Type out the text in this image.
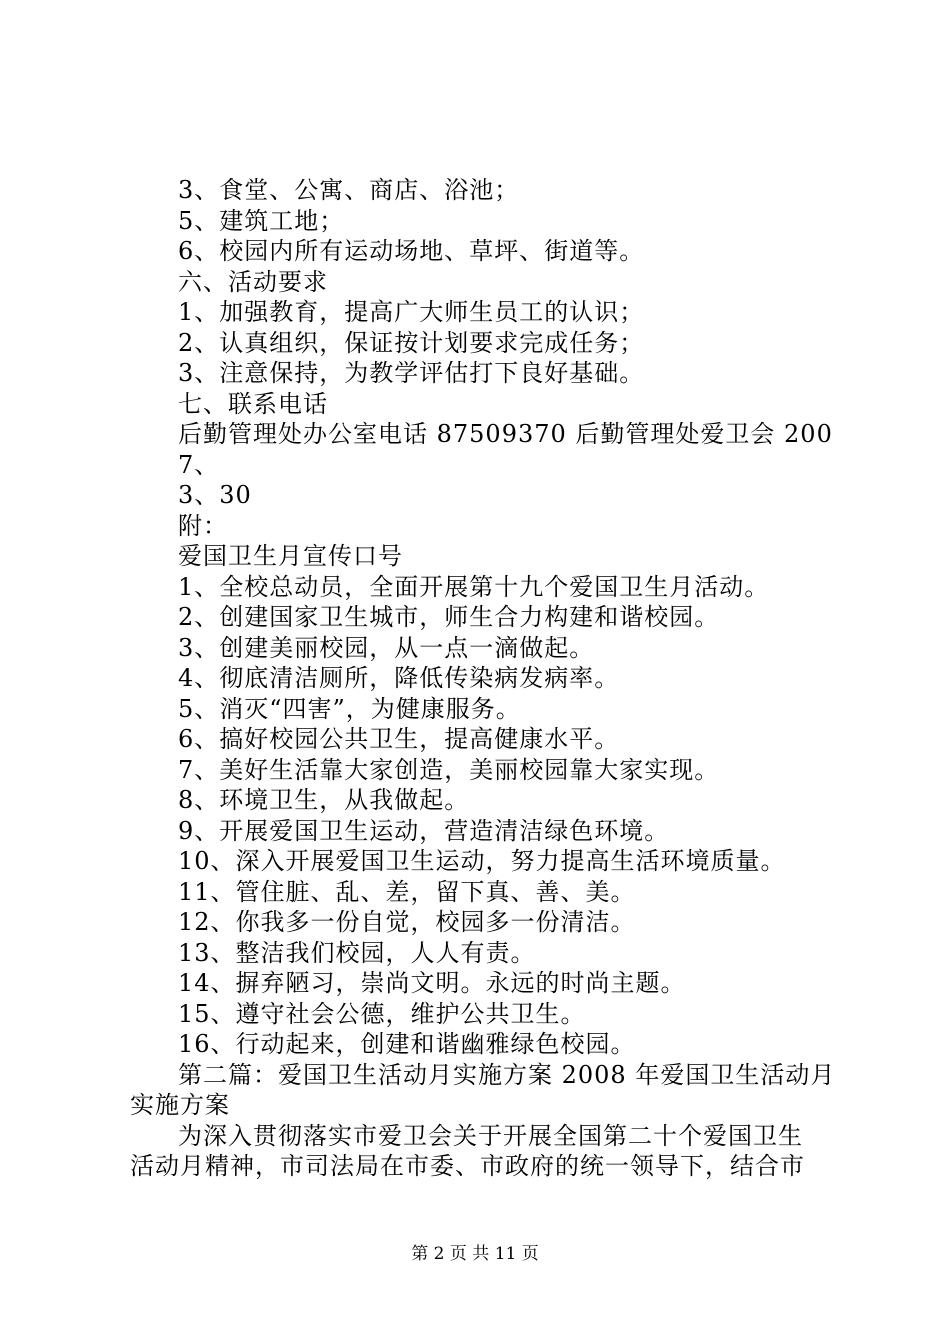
3、食堂、公寓、商店、浴池；
5、建筑工地；
6、校园内所有运动场地、草坪、街道等。
六、活动要求
1、加强教育，提高广大师生员工的认识；
2、认真组织，保证按计划要求完成任务；
3、注意保持，为教学评估打下良好基础。
七、联系电话
后勤管理处办公室电话 87509370 后勤管理处爱卫会 200
7、
3、30
附：
爱国卫生月宣传口号
1、全校总动员，全面开展第十九个爱国卫生月活动。
2、创建国家卫生城市，师生合力构建和谐校园。
3、创建美丽校园，从一点一滴做起。
4、彻底清洁厕所，降低传染病发病率。
5、消灭“四害”，为健康服务。
6、搞好校园公共卫生，提高健康水平。
7、美好生活靠大家创造，美丽校园靠大家实现。
8、环境卫生，从我做起。
9、开展爱国卫生运动，营造清洁绿色环境。
10、深入开展爱国卫生运动，努力提高生活环境质量。
11、管住脏、乱、差，留下真、善、美。
12、你我多一份自觉，校园多一份清洁。
13、整洁我们校园，人人有责。
14、摒弃陋习，崇尚文明。永远的时尚主题。
15、遵守社会公德，维护公共卫生。
16、行动起来，创建和谐幽雅绿色校园。
第二篇：爱国卫生活动月实施方案 2008 年爱国卫生活动月
实施方案
为深入贯彻落实市爱卫会关于开展全国第二十个爱国卫生
活动月精神，市司法局在市委、市政府的统一领导下，结合市
第 2 页 共 11 页
